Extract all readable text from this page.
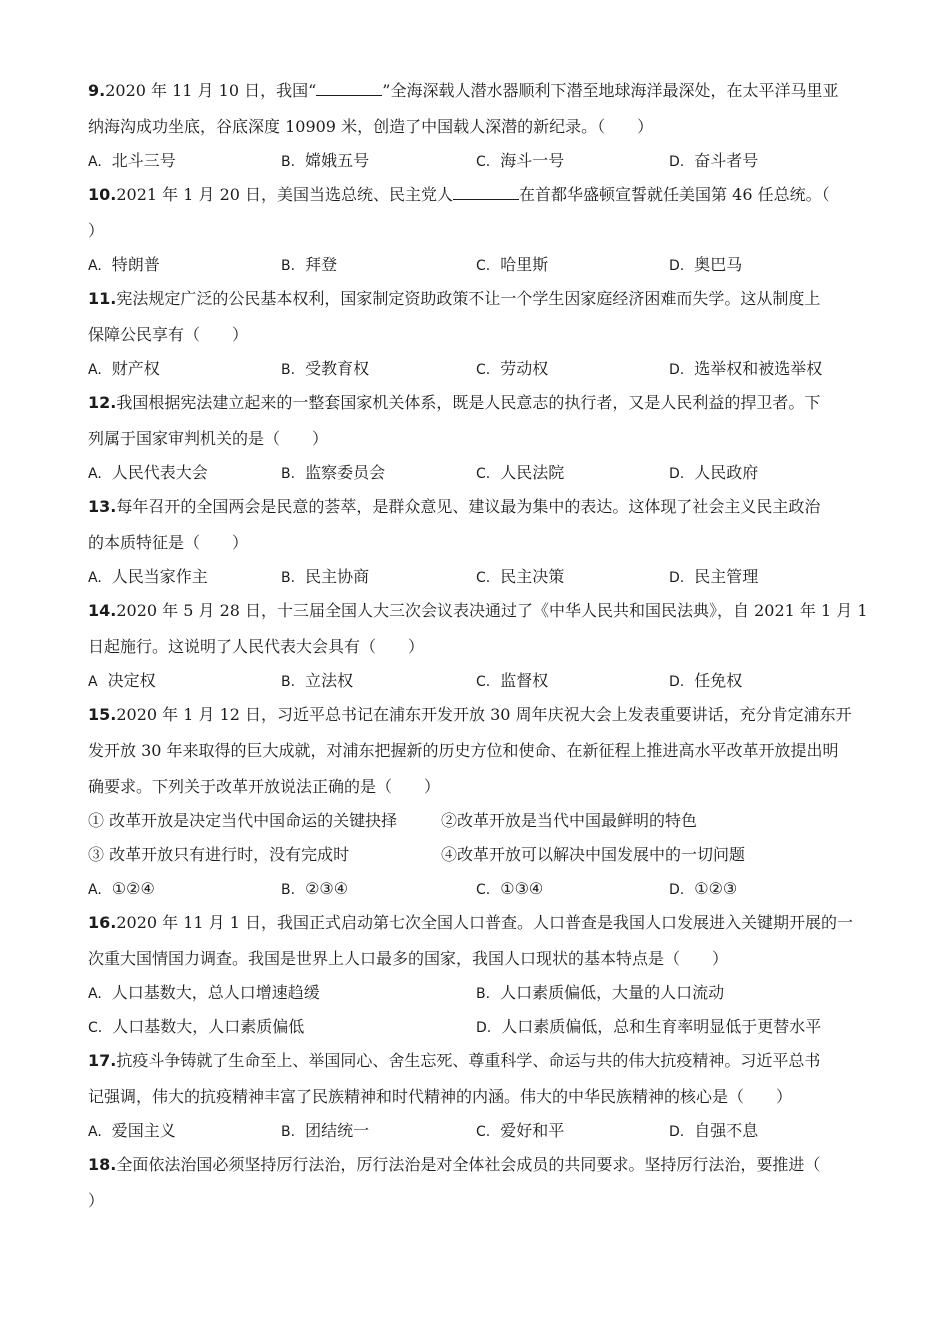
9.2020 年 11 月 10 日，我国“	”全海深载人潜水器顺利下潜至地球海洋最深处，在太平洋马里亚
纳海沟成功坐底，谷底深度 10909 米，创造了中国载人深潜的新纪录。（　　）
A. 北斗三号	B. 嫦娥五号	C. 海斗一号	D. 奋斗者号
10.2021 年 1 月 20 日，美国当选总统、民主党人	在首都华盛顿宣誓就任美国第 46 任总统。（
）
A. 特朗普	B. 拜登	C. 哈里斯	D. 奥巴马
11.宪法规定广泛的公民基本权利，国家制定资助政策不让一个学生因家庭经济困难而失学。这从制度上
保障公民享有（　　）
A. 财产权	B. 受教育权	C. 劳动权	D. 选举权和被选举权
12.我国根据宪法建立起来的一整套国家机关体系，既是人民意志的执行者，又是人民利益的捍卫者。下
列属于国家审判机关的是（　　）
A. 人民代表大会	B. 监察委员会	C. 人民法院	D. 人民政府
13.每年召开的全国两会是民意的荟萃，是群众意见、建议最为集中的表达。这体现了社会主义民主政治
的本质特征是（　　）
A. 人民当家作主	B. 民主协商	C. 民主决策	D. 民主管理
14.2020 年 5 月 28 日，十三届全国人大三次会议表决通过了《中华人民共和国民法典》，自 2021 年 1 月 1
日起施行。这说明了人民代表大会具有（　　）
A 决定权	B. 立法权	C. 监督权	D. 任免权
15.2020 年 1 月 12 日，习近平总书记在浦东开发开放 30 周年庆祝大会上发表重要讲话，充分肯定浦东开
发开放 30 年来取得的巨大成就，对浦东把握新的历史方位和使命、在新征程上推进高水平改革开放提出明
确要求。下列关于改革开放说法正确的是（　　）
① 改革开放是决定当代中国命运的关键抉择	②改革开放是当代中国最鲜明的特色
③ 改革开放只有进行时，没有完成时	④改革开放可以解决中国发展中的一切问题
A. ①②④	B. ②③④	C. ①③④	D. ①②③
16.2020 年 11 月 1 日，我国正式启动第七次全国人口普查。人口普查是我国人口发展进入关键期开展的一
次重大国情国力调查。我国是世界上人口最多的国家，我国人口现状的基本特点是（　　）
A. 人口基数大，总人口增速趋缓	B. 人口素质偏低，大量的人口流动
C. 人口基数大，人口素质偏低	D. 人口素质偏低，总和生育率明显低于更替水平
17.抗疫斗争铸就了生命至上、举国同心、舍生忘死、尊重科学、命运与共的伟大抗疫精神。习近平总书
记强调，伟大的抗疫精神丰富了民族精神和时代精神的内涵。伟大的中华民族精神的核心是（　　）
A. 爱国主义	B. 团结统一	C. 爱好和平	D. 自强不息
18.全面依法治国必须坚持厉行法治，厉行法治是对全体社会成员的共同要求。坚持厉行法治，要推进（
）
